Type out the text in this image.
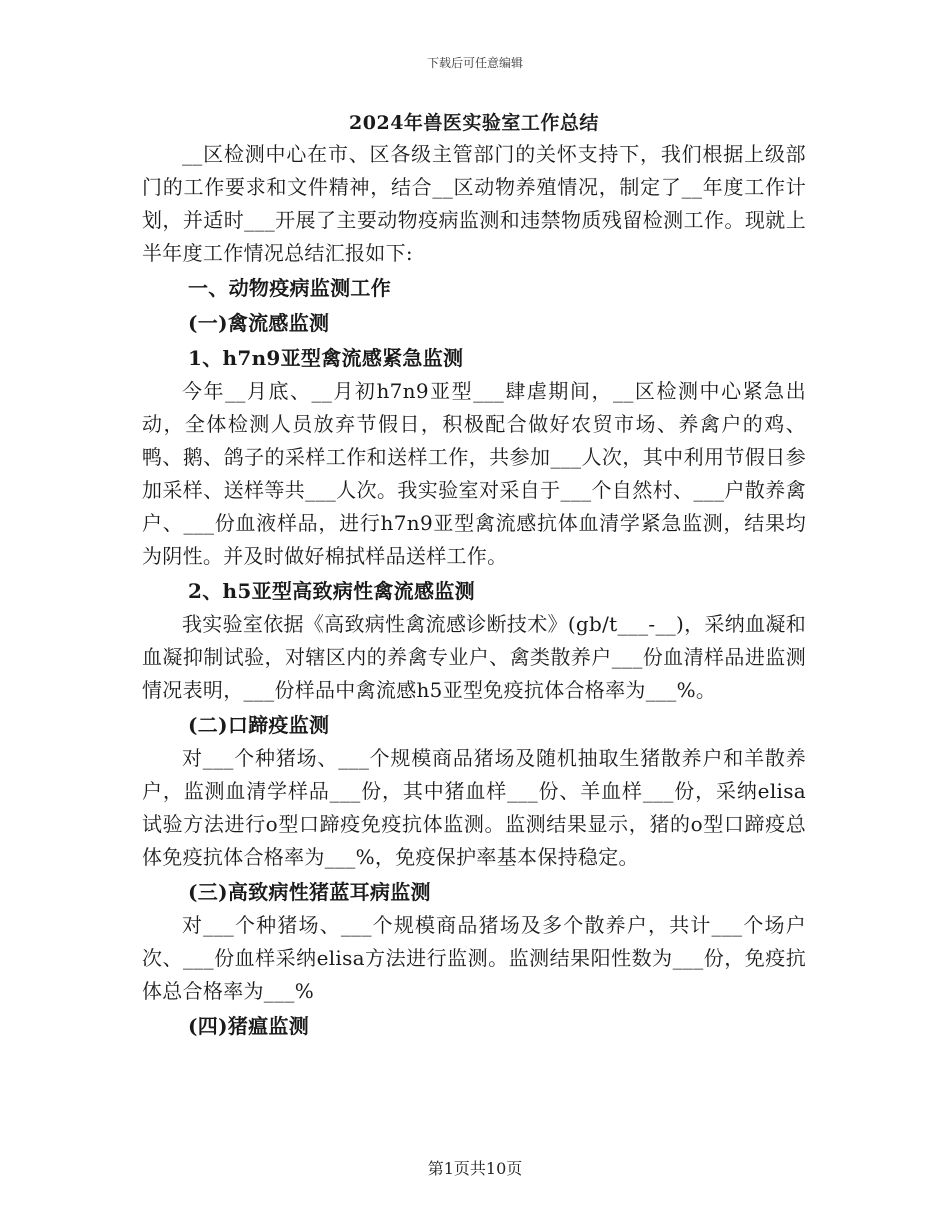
下载后可任意编辑
2024年兽医实验室工作总结

__区检测中心在市、区各级主管部门的关怀支持下，我们根据上级部门的工作要求和文件精神，结合__区动物养殖情况，制定了__年度工作计划，并适时___开展了主要动物疫病监测和违禁物质残留检测工作。现就上半年度工作情况总结汇报如下:

一、动物疫病监测工作

(一)禽流感监测

1、h7n9亚型禽流感紧急监测

今年__月底、__月初h7n9亚型___肆虐期间，__区检测中心紧急出动，全体检测人员放弃节假日，积极配合做好农贸市场、养禽户的鸡、鸭、鹅、鸽子的采样工作和送样工作，共参加___人次，其中利用节假日参加采样、送样等共___人次。我实验室对采自于___个自然村、___户散养禽户、___份血液样品，进行h7n9亚型禽流感抗体血清学紧急监测，结果均为阴性。并及时做好棉拭样品送样工作。

2、h5亚型高致病性禽流感监测

我实验室依据《高致病性禽流感诊断技术》(gb/t___-__)，采纳血凝和血凝抑制试验，对辖区内的养禽专业户、禽类散养户___份血清样品进监测情况表明，___份样品中禽流感h5亚型免疫抗体合格率为___%。

(二)口蹄疫监测

对___个种猪场、___个规模商品猪场及随机抽取生猪散养户和羊散养户，监测血清学样品___份，其中猪血样___份、羊血样___份，采纳elisa试验方法进行o型口蹄疫免疫抗体监测。监测结果显示，猪的o型口蹄疫总体免疫抗体合格率为___%，免疫保护率基本保持稳定。

(三)高致病性猪蓝耳病监测

对___个种猪场、___个规模商品猪场及多个散养户，共计___个场户次、___份血样采纳elisa方法进行监测。监测结果阳性数为___份，免疫抗体总合格率为___%

(四)猪瘟监测

第1页共10页
